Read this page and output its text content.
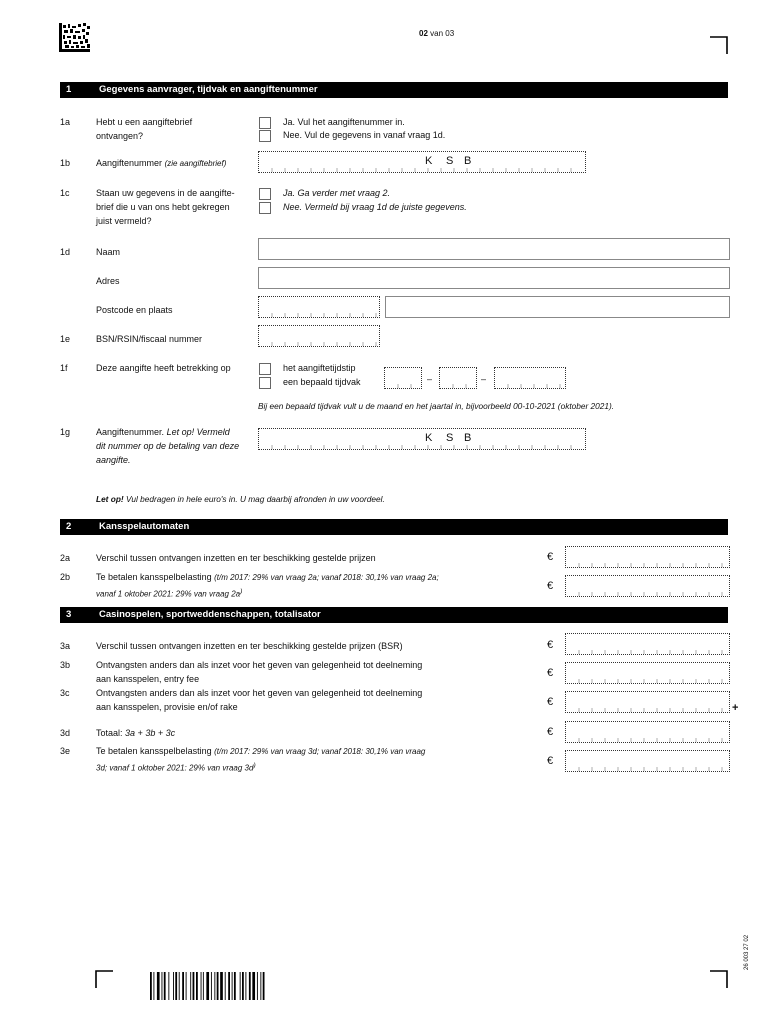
02 van 03
1	Gegevens aanvrager, tijdvak en aangiftenummer
1a	Hebt u een aangiftebrief
ontvangen?
Ja. Vul het aangiftenummer in.
Nee. Vul de gegevens in vanaf vraag 1d.
1b	Aangiftenummer (zie aangiftebrief)	K S B
1c	Staan uw gegevens in de aangifte-
brief die u van ons hebt gekregen
juist vermeld?
Ja. Ga verder met vraag 2.
Nee. Vermeld bij vraag 1d de juiste gegevens.
1d	Naam
Adres
Postcode en plaats
1e	BSN/RSIN/fiscaal nummer
1f	Deze aangifte heeft betrekking op	het aangiftetijdstip
een bepaald tijdvak	–	–
Bij een bepaald tijdvak vult u de maand en het jaartal in, bijvoorbeeld 00-10-2021 (oktober 2021).
1g	Aangiftenummer. Let op! Vermeld
dit nummer op de betaling van deze
aangifte.
K S B
Let op! Vul bedragen in hele euro's in. U mag daarbij afronden in uw voordeel.
2	Kansspelautomaten
2a	Verschil tussen ontvangen inzetten en ter beschikking gestelde prijzen	€
2b	Te betalen kansspelbelasting (t/m 2017: 29% van vraag 2a; vanaf 2018: 30,1% van vraag 2a;
vanaf 1 oktober 2021: 29% van vraag 2a)	€
3	Casinospelen, sportweddenschappen, totalisator
3a	Verschil tussen ontvangen inzetten en ter beschikking gestelde prijzen (BSR)	€
3b	Ontvangsten anders dan als inzet voor het geven van gelegenheid tot deelneming
aan kansspelen, entry fee	€
3c	Ontvangsten anders dan als inzet voor het geven van gelegenheid tot deelneming
aan kansspelen, provisie en/of rake	€	+
3d	Totaal: 3a + 3b + 3c	€
3e	Te betalen kansspelbelasting (t/m 2017: 29% van vraag 3d; vanaf 2018: 30,1% van vraag
3d; vanaf 1 oktober 2021: 29% van vraag 3d)	€
26 003 27 02
